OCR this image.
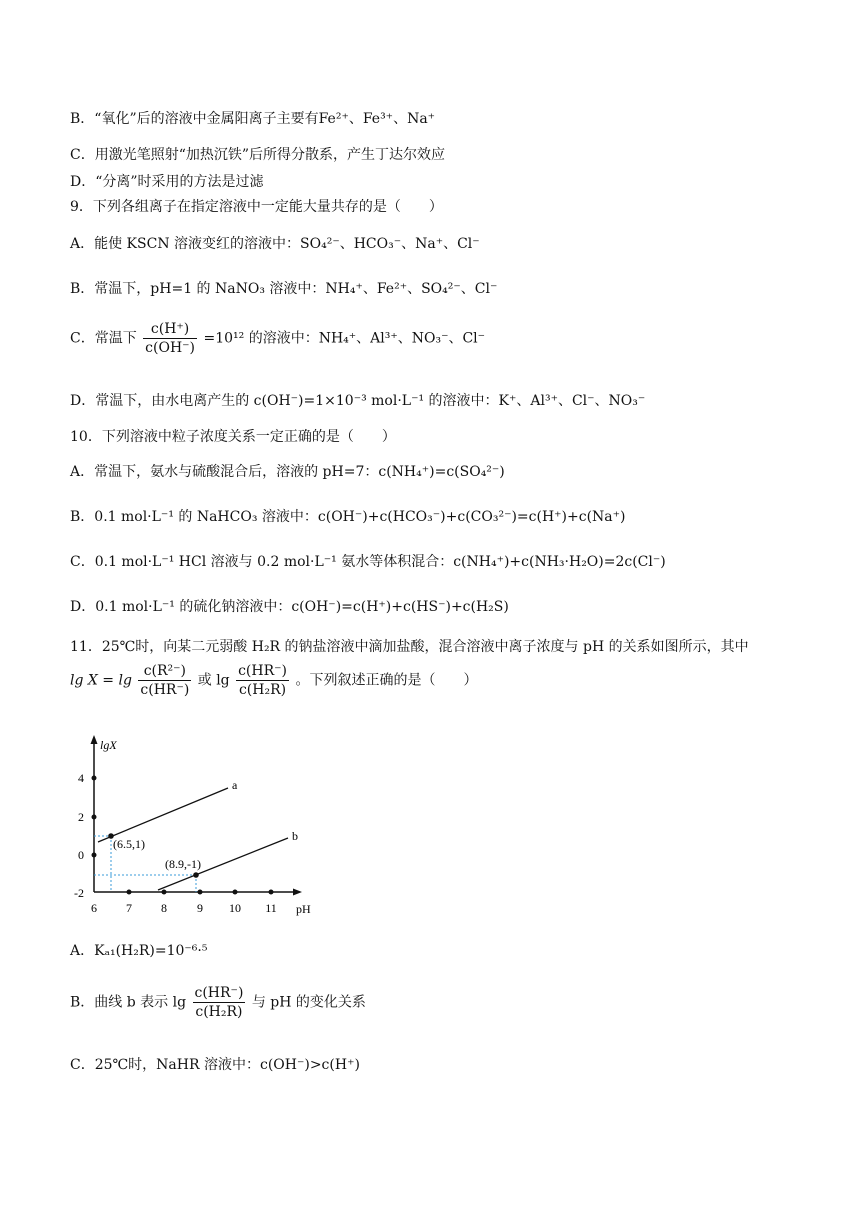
B．“氧化”后的溶液中金属阳离子主要有Fe²⁺、Fe³⁺、Na⁺
C．用激光笔照射“加热沉铁”后所得分散系，产生丁达尔效应
D．“分离”时采用的方法是过滤
9．下列各组离子在指定溶液中一定能大量共存的是（　　）
A．能使 KSCN 溶液变红的溶液中：SO₄²⁻、HCO₃⁻、Na⁺、Cl⁻
B．常温下，pH=1 的 NaNO₃ 溶液中：NH₄⁺、Fe²⁺、SO₄²⁻、Cl⁻
C．常温下 $\frac{c(H^+)}{c(OH^-)} =10^{12}$ 的溶液中：NH₄⁺、Al³⁺、NO₃⁻、Cl⁻
D．常温下，由水电离产生的 c(OH⁻)=1×10⁻³ mol·L⁻¹ 的溶液中：K⁺、Al³⁺、Cl⁻、NO₃⁻
10．下列溶液中粒子浓度关系一定正确的是（　　）
A．常温下，氨水与硫酸混合后，溶液的 pH=7：c(NH₄⁺)=c(SO₄²⁻)
B．0.1 mol·L⁻¹ 的 NaHCO₃ 溶液中：c(OH⁻)+c(HCO₃⁻)+c(CO₃²⁻)=c(H⁺)+c(Na⁺)
C．0.1 mol·L⁻¹ HCl 溶液与 0.2 mol·L⁻¹ 氨水等体积混合：c(NH₄⁺)+c(NH₃·H₂O)=2c(Cl⁻)
D．0.1 mol·L⁻¹ 的硫化钠溶液中：c(OH⁻)=c(H⁺)+c(HS⁻)+c(H₂S)
11．25℃时，向某二元弱酸 H₂R 的钠盐溶液中滴加盐酸，混合溶液中离子浓度与 pH 的关系如图所示，其中
$\lg X = \lg \frac{\text{c(R²⁻)}}{c(HR^-)}$ 或 $\lg \frac{c(HR^-)}{\text{c(H₂R)}}$ 。下列叙述正确的是（　　）
lgX
pH
4
2
0
-2
6 7 8	9 10 11
a
b
(6.5,1)
(8.9,-1)
A．Kₐ₁(H₂R)=10⁻⁶·⁵
B．曲线 b 表示 $\lg \frac{c(HR^-)}{\text{c(H₂R)}}$ 与 pH 的变化关系
C．25℃时，NaHR 溶液中：c(OH⁻)>c(H⁺)
